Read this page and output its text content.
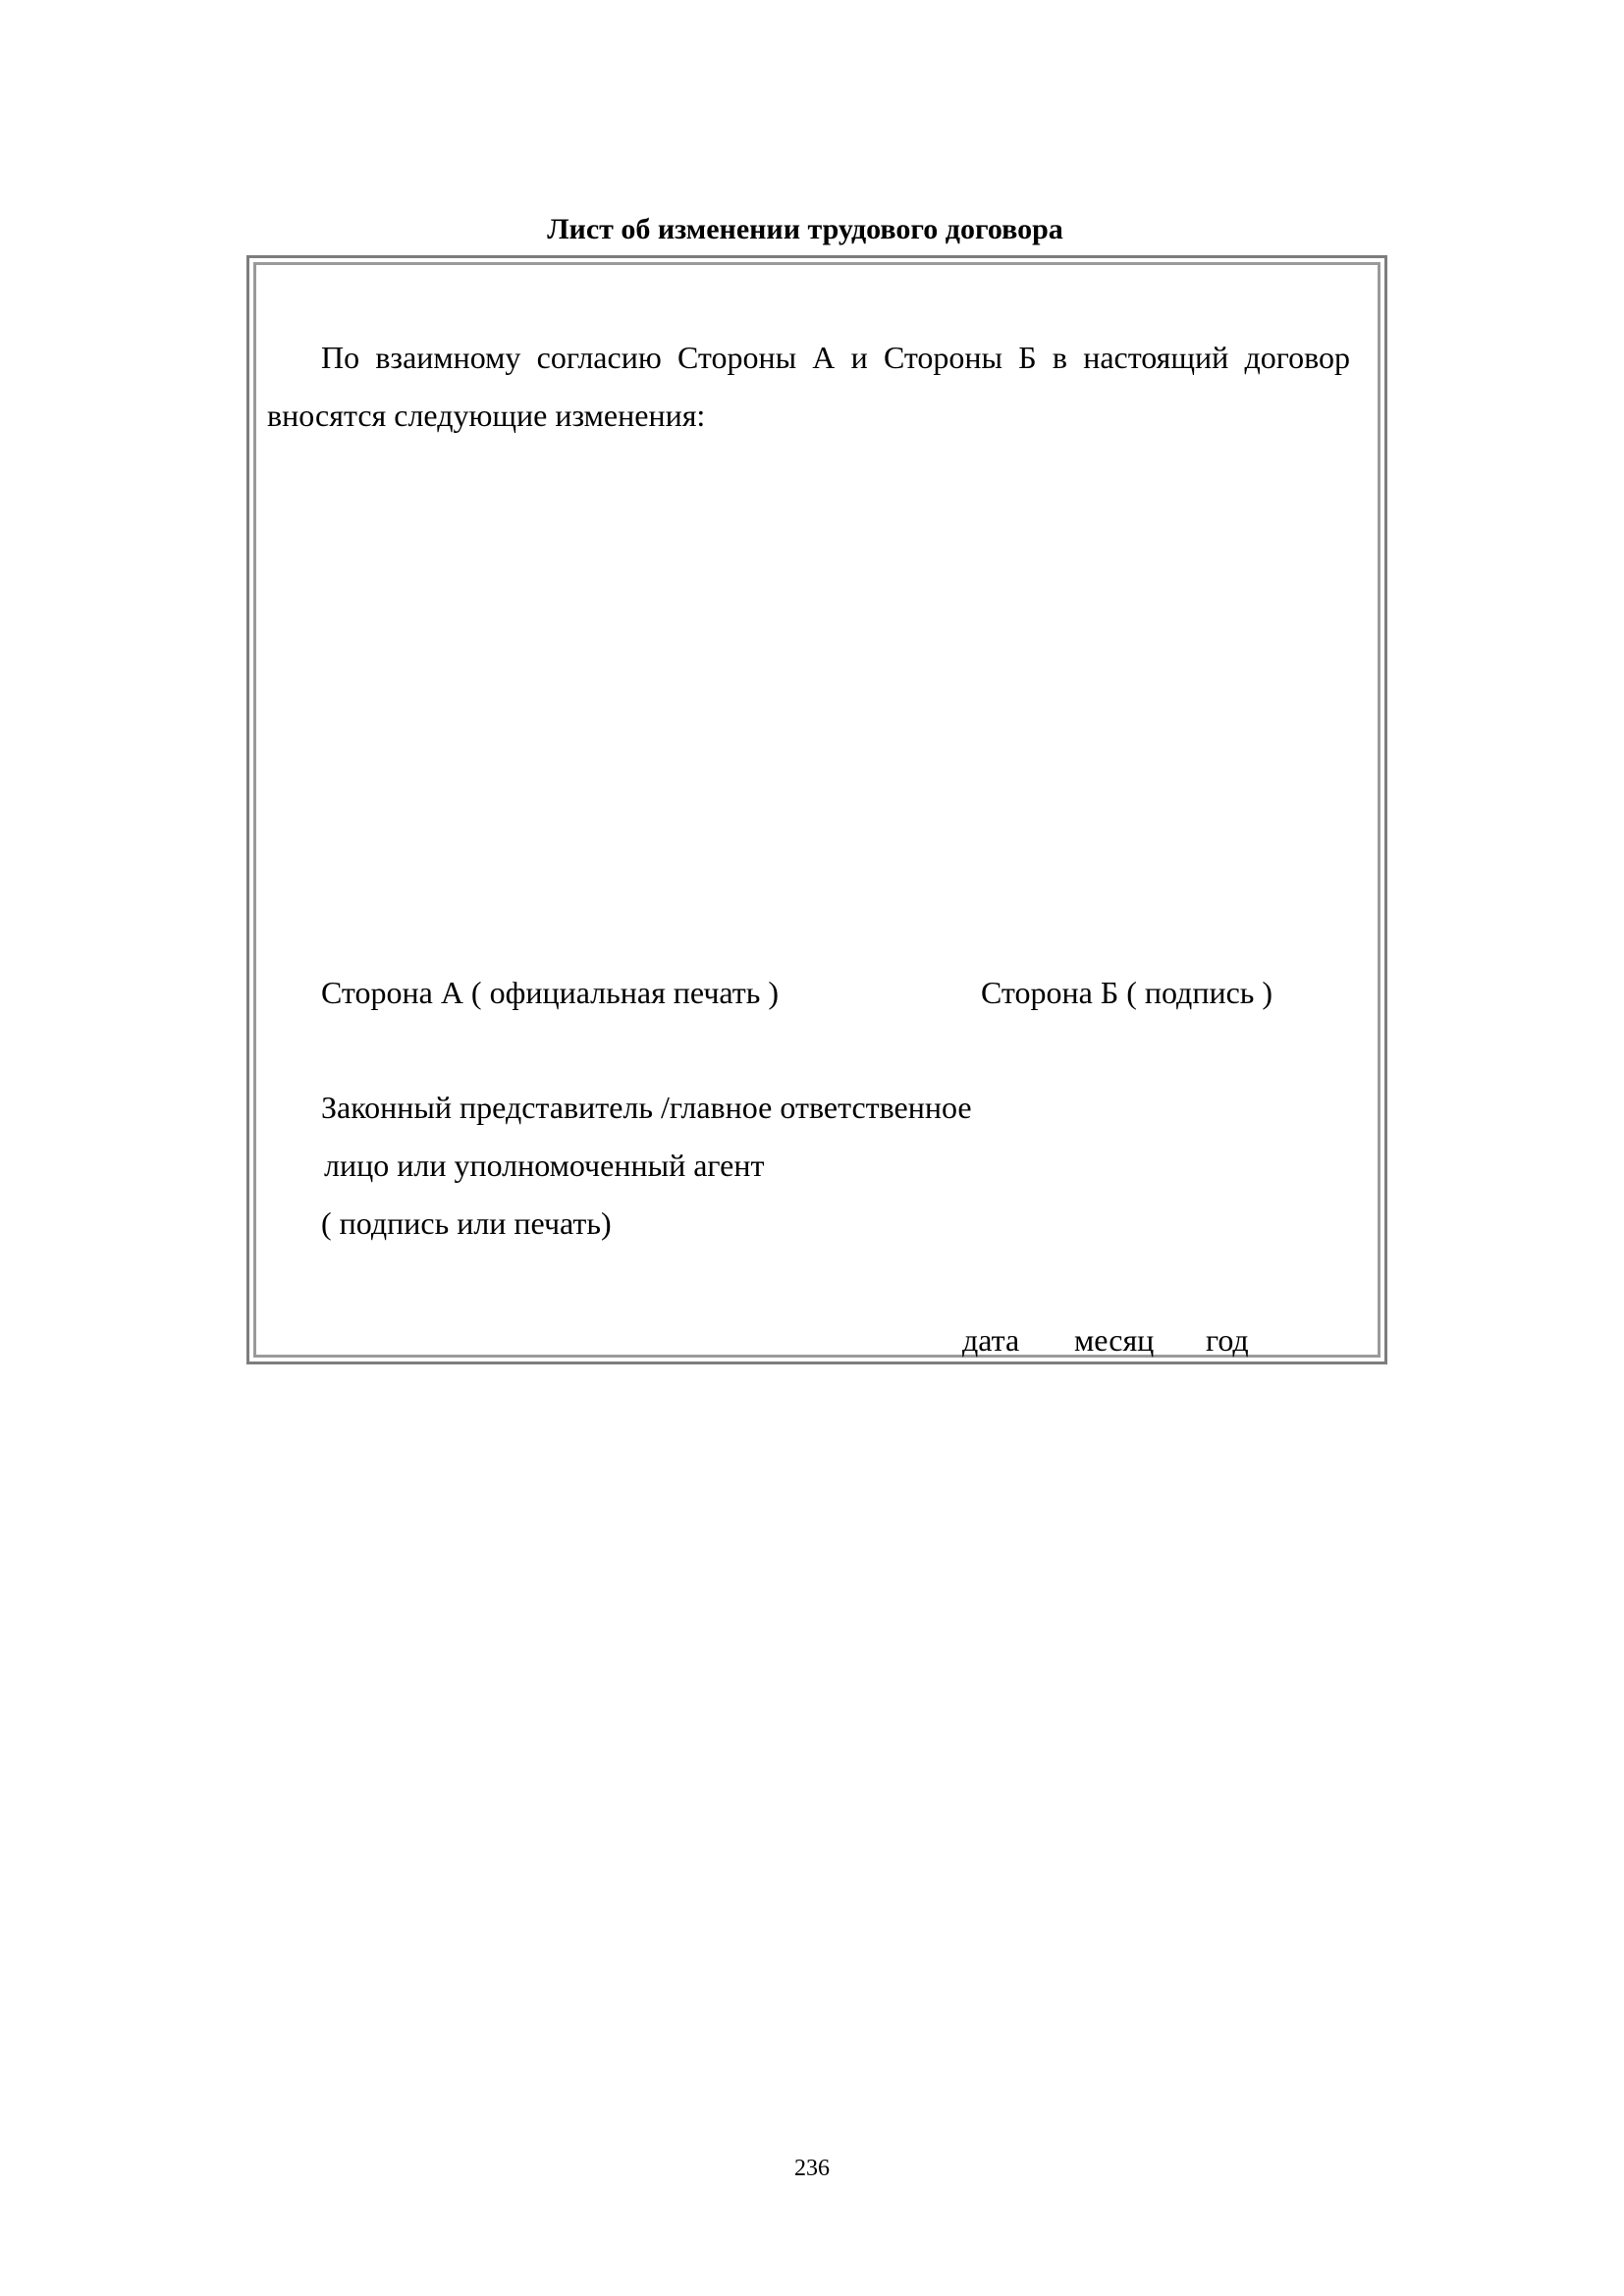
Лист об изменении трудового договора
По взаимному согласию Стороны А и Стороны Б в настоящий договор
вносятся следующие изменения:
Сторона А ( официальная печать )	Сторона Б ( подпись )
Законный представитель /главное ответственное
лицо или уполномоченный агент
( подпись или печать)
дата месяц год
236
